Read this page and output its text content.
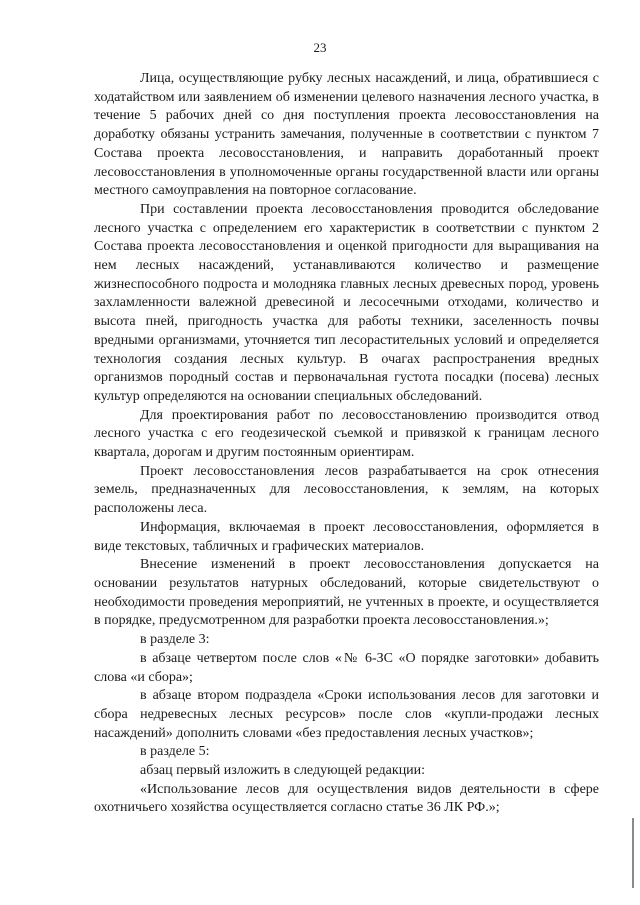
23

Лица, осуществляющие рубку лесных насаждений, и лица, обратившиеся с ходатайством или заявлением об изменении целевого назначения лесного участка, в течение 5 рабочих дней со дня поступления проекта лесовосстановления на доработку обязаны устранить замечания, полученные в соответствии с пунктом 7 Состава проекта лесовосстановления, и направить доработанный проект лесовосстановления в уполномоченные органы государственной власти или органы местного самоуправления на повторное согласование.

При составлении проекта лесовосстановления проводится обследование лесного участка с определением его характеристик в соответствии с пунктом 2 Состава проекта лесовосстановления и оценкой пригодности для выращивания на нем лесных насаждений, устанавливаются количество и размещение жизнеспособного подроста и молодняка главных лесных древесных пород, уровень захламленности валежной древесиной и лесосечными отходами, количество и высота пней, пригодность участка для работы техники, заселенность почвы вредными организмами, уточняется тип лесорастительных условий и определяется технология создания лесных культур. В очагах распространения вредных организмов породный состав и первоначальная густота посадки (посева) лесных культур определяются на основании специальных обследований.

Для проектирования работ по лесовосстановлению производится отвод лесного участка с его геодезической съемкой и привязкой к границам лесного квартала, дорогам и другим постоянным ориентирам.

Проект лесовосстановления лесов разрабатывается на срок отнесения земель, предназначенных для лесовосстановления, к землям, на которых расположены леса.

Информация, включаемая в проект лесовосстановления, оформляется в виде текстовых, табличных и графических материалов.

Внесение изменений в проект лесовосстановления допускается на основании результатов натурных обследований, которые свидетельствуют о необходимости проведения мероприятий, не учтенных в проекте, и осуществляется в порядке, предусмотренном для разработки проекта лесовосстановления.»;

в разделе 3:

в абзаце четвертом после слов «№ 6-ЗС «О порядке заготовки» добавить слова «и сбора»;

в абзаце втором подраздела «Сроки использования лесов для заготовки и сбора недревесных лесных ресурсов» после слов «купли-продажи лесных насаждений» дополнить словами «без предоставления лесных участков»;

в разделе 5:

абзац первый изложить в следующей редакции:

«Использование лесов для осуществления видов деятельности в сфере охотничьего хозяйства осуществляется согласно статье 36 ЛК РФ.»;
